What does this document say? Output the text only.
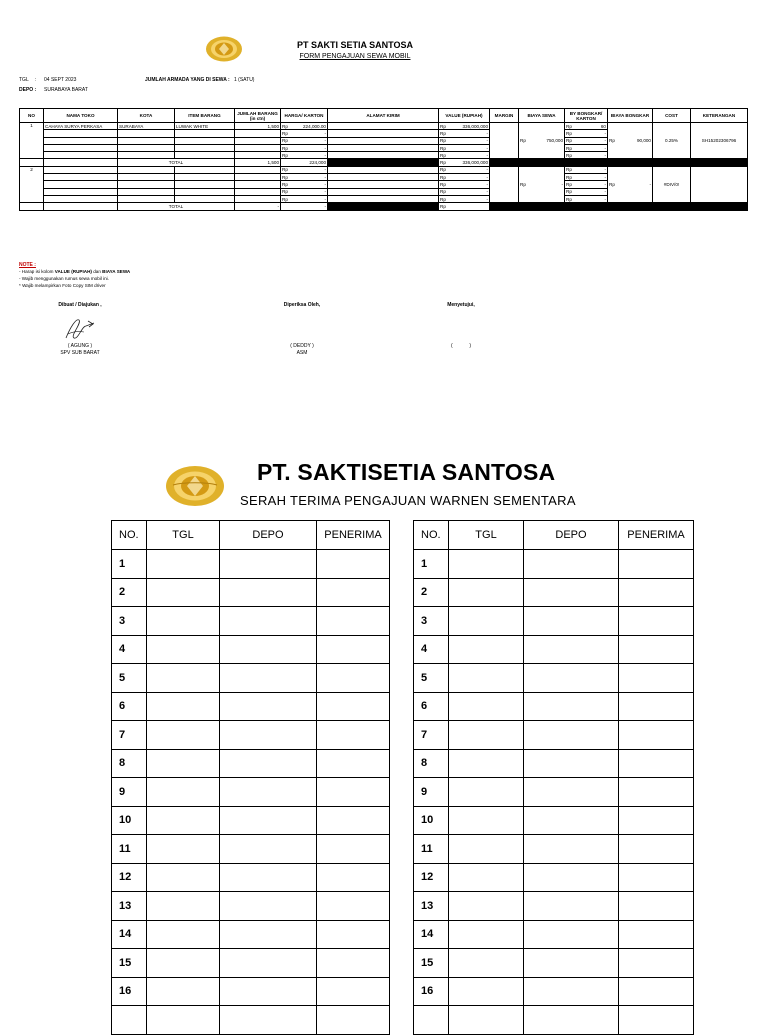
PT SAKTI SETIA SANTOSA
FORM PENGAJUAN SEWA MOBIL
TGL : 04 SEPT 2023	JUMLAH ARMADA YANG DI SEWA : 1 (SATU)
DEPO : SURABAYA BARAT
NO	NAMA TOKO	KOTA	ITEM BARANG	JUMLAH BARANG (in ctn)	HARGA/ KARTON	ALAMAT KIRIM	VALUE (RUPIAH)	MARGIN	BIAYA SEWA	BY BONGKAR/ KARTON	BIAYA BONGKAR	COST	KETERANGAN
1	CAHAYA SURYA PERKASA	SURABAYA	LUWAK WHITE	1,500	Rp 224,000.00		Rp 336,000,000		Rp 750,000	Rp 60	Rp 90,000	0.25%	SH15202306796
					Rp -		Rp -			Rp -			

					Rp -		Rp -			Rp -			

					Rp -		Rp -			Rp -			

					Rp -		Rp -			Rp -			

		TOTAL		1,500	224,000		Rp 336,000,000						

2					Rp -		Rp -		Rp -	Rp -	Rp -	#DIV/0!	
					Rp -		Rp -			Rp -			

					Rp -		Rp -			Rp -			

					Rp -		Rp -			Rp -			

					Rp -		Rp -			Rp -			

		TOTAL		-	-		Rp						
NOTE :
- Harap isi kolom VALUE (RUPIAH) dan BIAYA SEWA
- Wajib menggunakan rumus sewa mobil ini.
* Wajib melampirkan Foto Copy SIM driver
Dibuat / Diajukan ,
( AGUNG )
SPV SUB BARAT
Diperiksa Oleh,
( DEDDY )
ASM
Menyetujui,
(            )
PT. SAKTISETIA SANTOSA
SERAH TERIMA PENGAJUAN WARNEN SEMENTARA
NO.	TGL	DEPO	PENERIMA
1			
2			
3			
4			
5			
6			
7			
8			
9			
10			
11			
12			
13			
14			
15			
16			

NO.	TGL	DEPO	PENERIMA
1			
2			
3			
4			
5			
6			
7			
8			
9			
10			
11			
12			
13			
14			
15			
16			
